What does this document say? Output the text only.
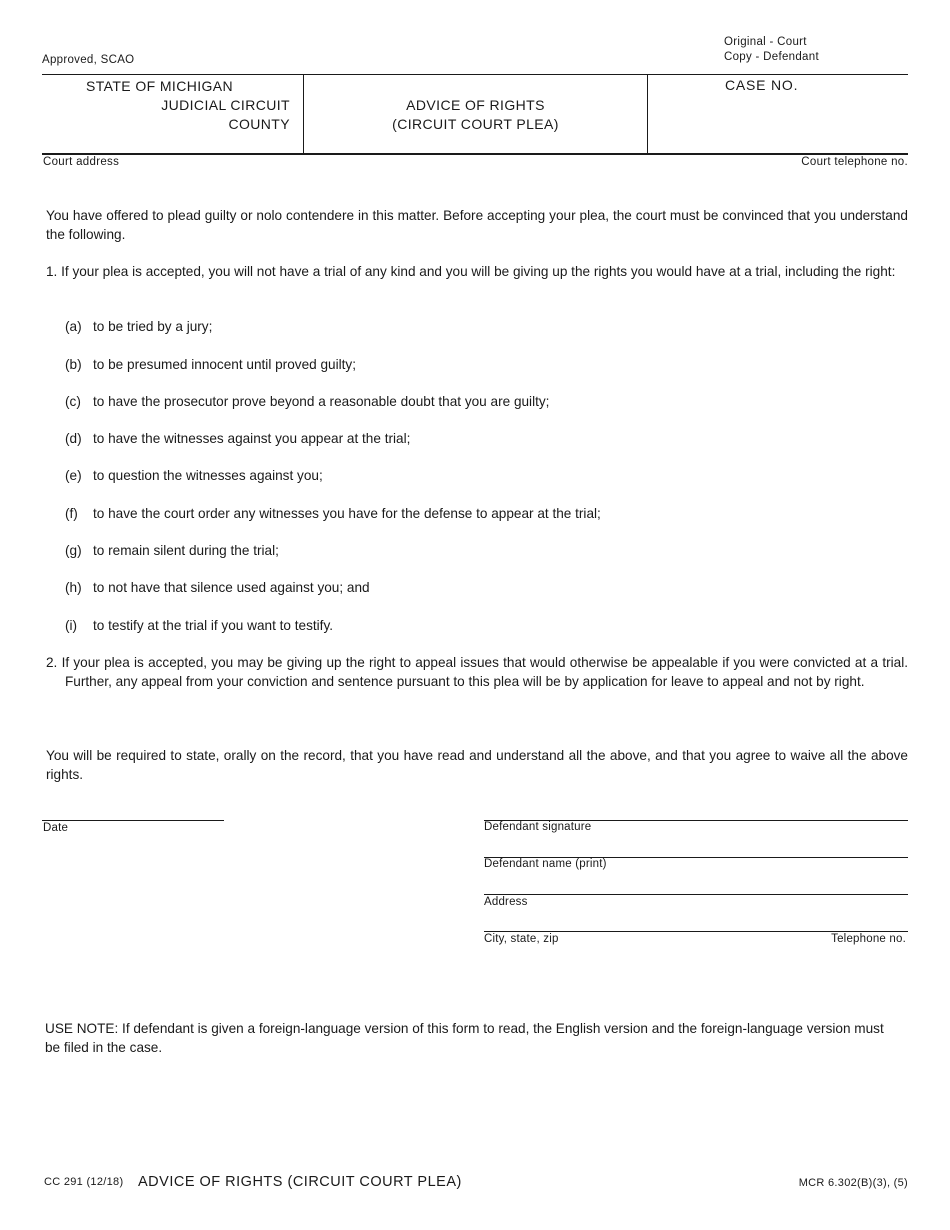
Original - Court
Copy - Defendant
Approved, SCAO
STATE OF MICHIGAN
JUDICIAL CIRCUIT
COUNTY
ADVICE OF RIGHTS
(CIRCUIT COURT PLEA)
CASE NO.
Court address	Court telephone no.
You have offered to plead guilty or nolo contendere in this matter. Before accepting your plea, the court must be convinced that you understand the following.
1. If your plea is accepted, you will not have a trial of any kind and you will be giving up the rights you would have at a trial, including the right:
(a) to be tried by a jury;
(b) to be presumed innocent until proved guilty;
(c) to have the prosecutor prove beyond a reasonable doubt that you are guilty;
(d) to have the witnesses against you appear at the trial;
(e) to question the witnesses against you;
(f) to have the court order any witnesses you have for the defense to appear at the trial;
(g) to remain silent during the trial;
(h) to not have that silence used against you; and
(i) to testify at the trial if you want to testify.
2. If your plea is accepted, you may be giving up the right to appeal issues that would otherwise be appealable if you were convicted at a trial. Further, any appeal from your conviction and sentence pursuant to this plea will be by application for leave to appeal and not by right.
You will be required to state, orally on the record, that you have read and understand all the above, and that you agree to waive all the above rights.
Date	Defendant signature
Defendant name (print)
Address
City, state, zip	Telephone no.
USE NOTE: If defendant is given a foreign-language version of this form to read, the English version and the foreign-language version must be filed in the case.
CC 291 (12/18) ADVICE OF RIGHTS (CIRCUIT COURT PLEA)	MCR 6.302(B)(3), (5)
